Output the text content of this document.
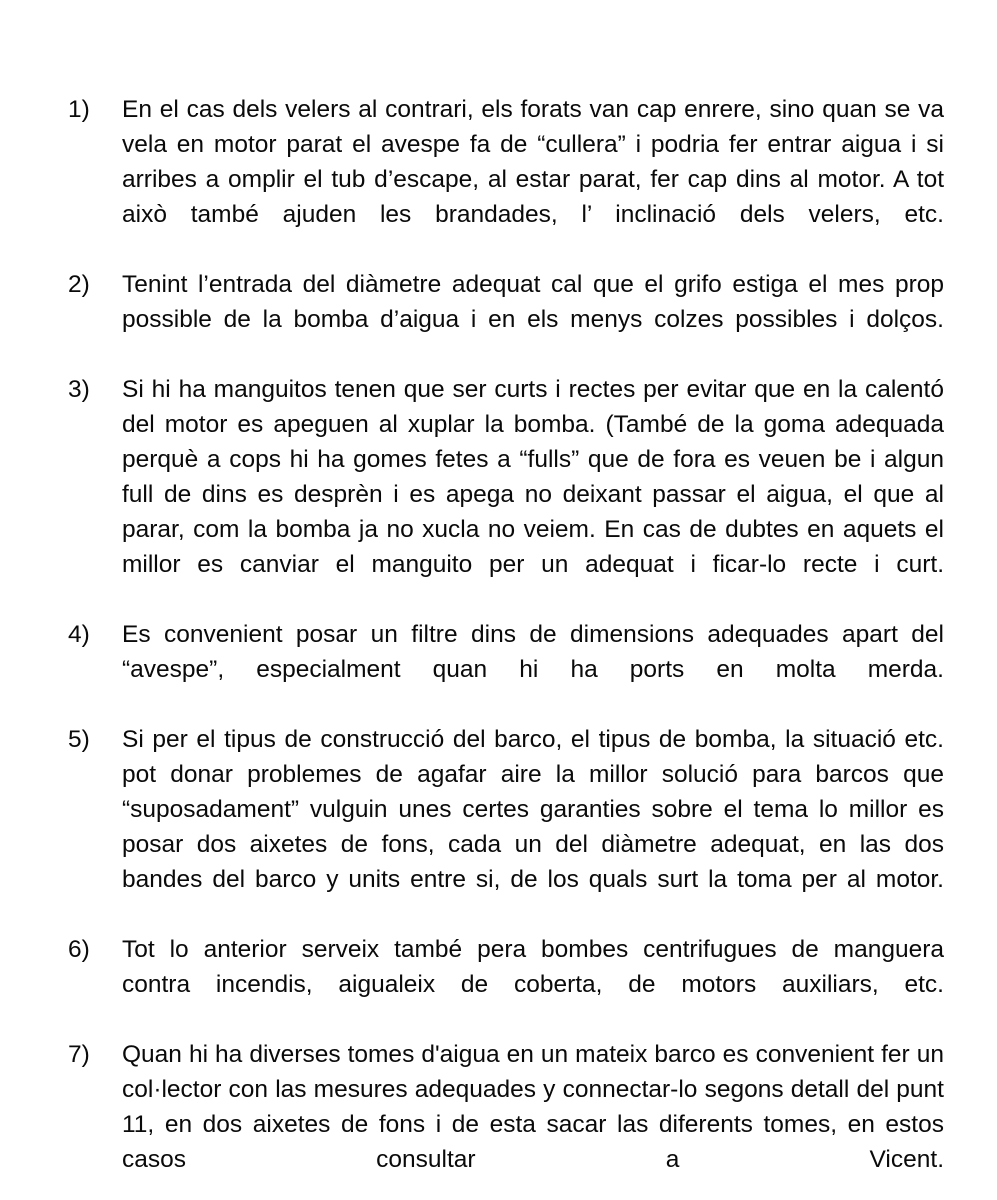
1)	En el cas dels velers al contrari, els forats van cap enrere, sino quan se va vela en motor parat el avespe fa de “cullera” i podria fer entrar aigua i si arribes a omplir el tub d’escape, al estar parat, fer cap dins al motor. A tot això també ajuden les brandades, l’ inclinació dels velers, etc.
2)	Tenint l’entrada del diàmetre adequat cal que el grifo estiga el mes prop possible de la bomba d’aigua i en els menys colzes possibles i dolços.
3)	Si hi ha manguitos tenen que ser curts i rectes per evitar que en la calentó del motor es apeguen al xuplar la bomba. (També de la goma adequada perquè a cops hi ha gomes fetes a “fulls” que de fora es veuen be i algun full de dins es desprèn i es apega no deixant passar el aigua, el que al parar, com la bomba ja no xucla no veiem. En cas de dubtes en aquets el millor es canviar el manguito per un adequat i ficar-lo recte i curt.
4)	Es convenient posar un filtre dins de dimensions adequades apart del “avespe”, especialment quan hi ha ports en molta merda.
5)	Si per el tipus de construcció del barco, el tipus de bomba, la situació etc. pot donar problemes de agafar aire la millor solució para barcos que “suposadament” vulguin unes certes garanties sobre el tema lo millor es posar dos aixetes de fons, cada un del diàmetre adequat, en las dos bandes del barco y units entre si, de los quals surt la toma per al motor.
6)	Tot lo anterior serveix també pera bombes centrifugues de manguera contra incendis, aigualeix de coberta, de motors auxiliars, etc.
7)	Quan hi ha diverses tomes d'aigua en un mateix barco es convenient fer un col·lector con las mesures adequades y connectar-lo segons detall del punt 11, en dos aixetes de fons i de esta sacar las diferents tomes, en estos casos consultar a Vicent.
